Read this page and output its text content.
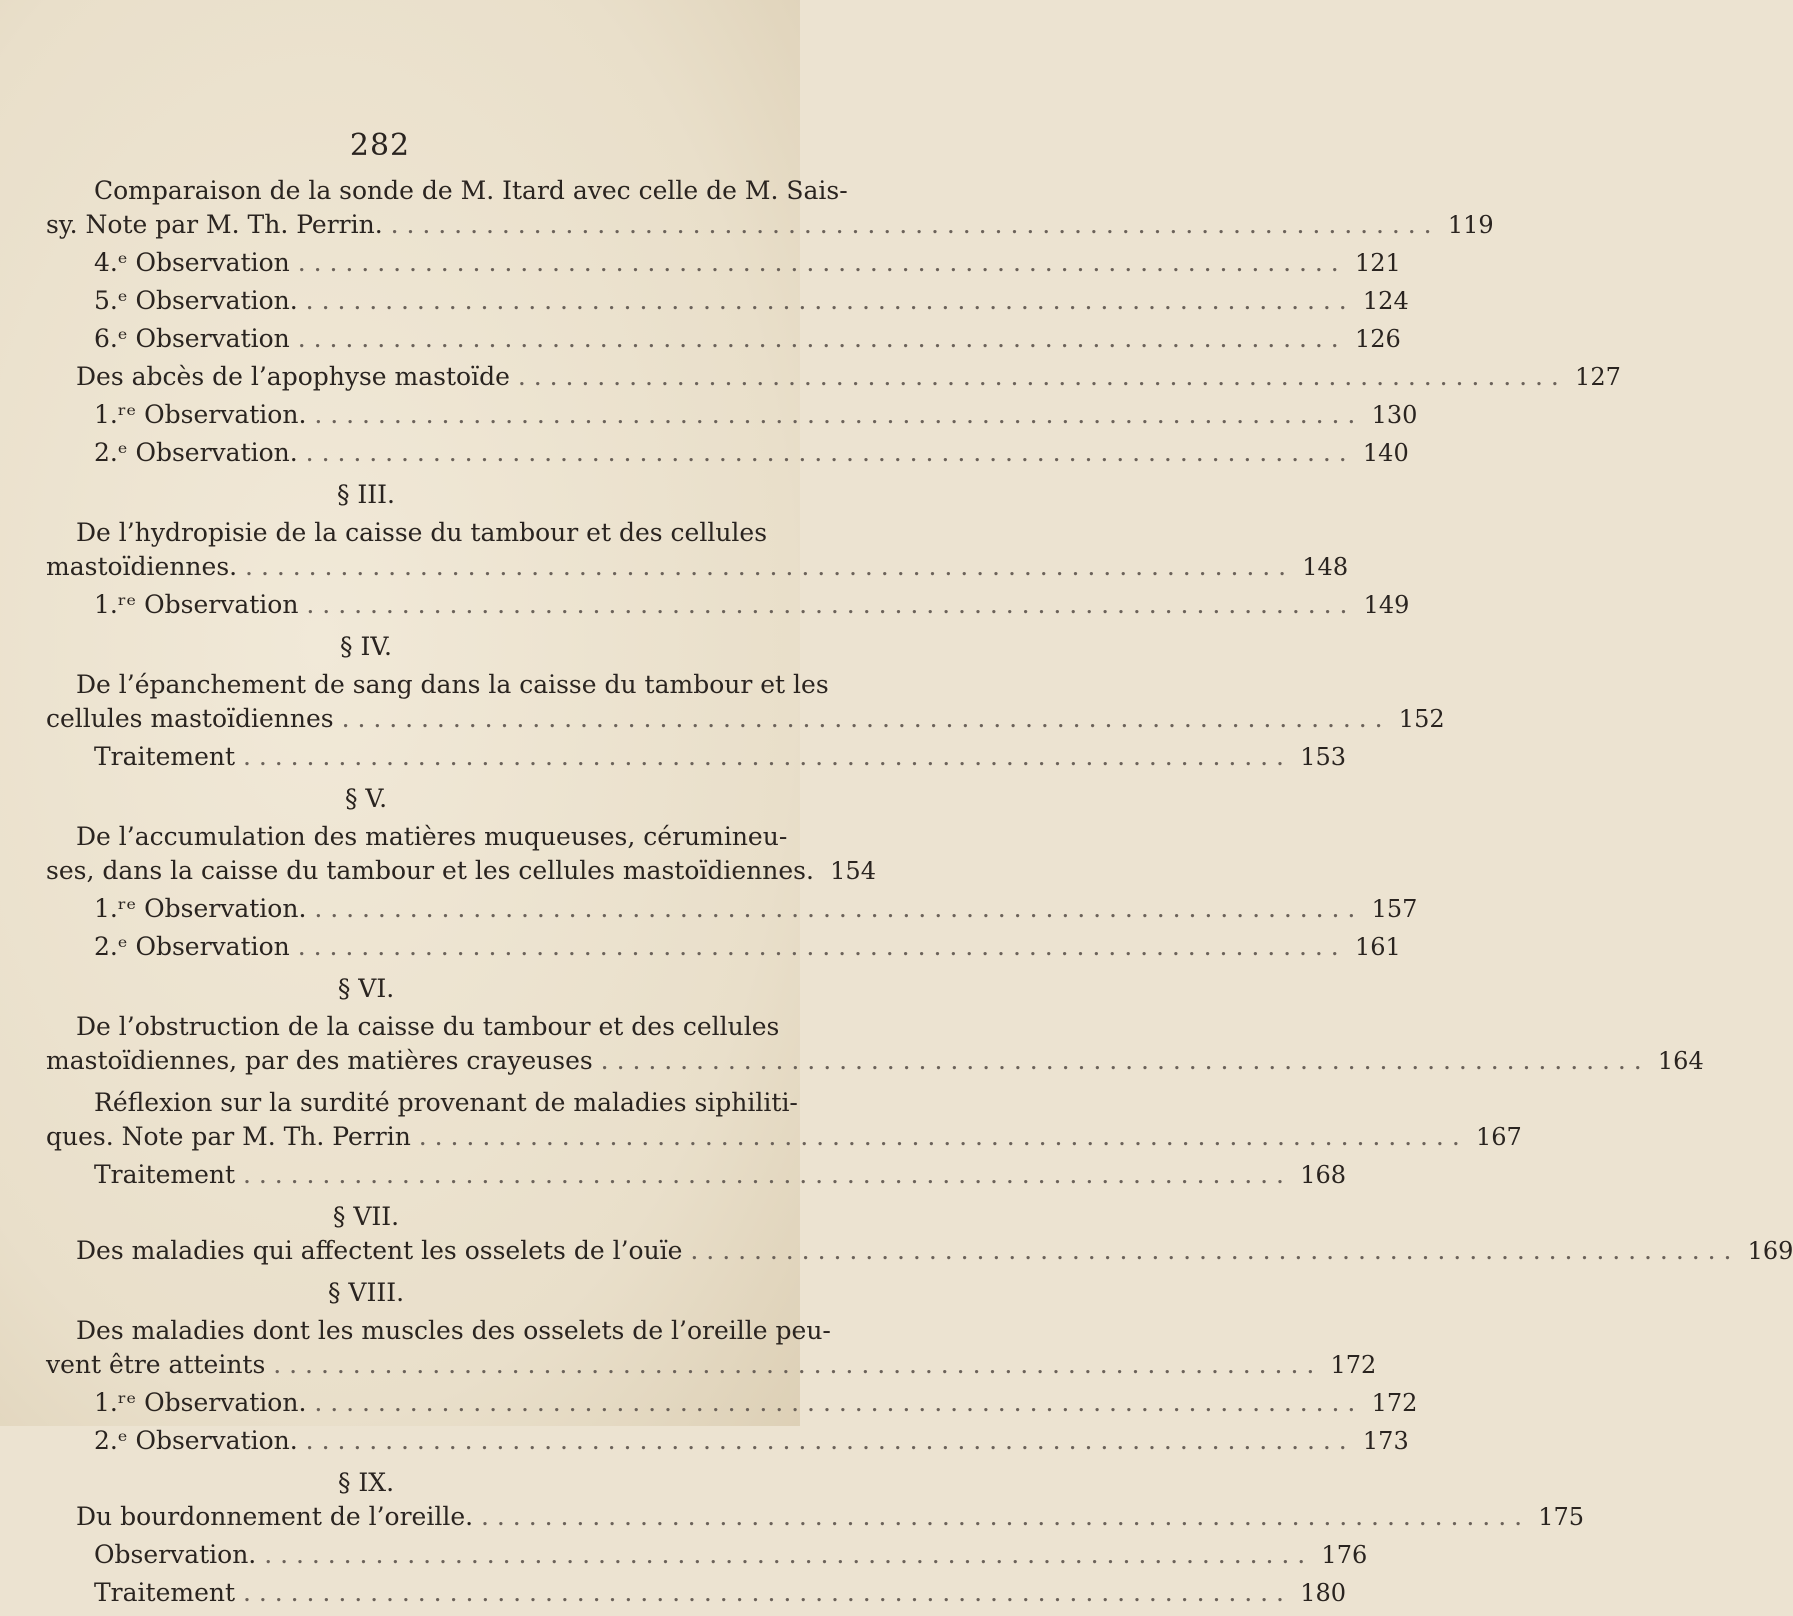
282
Comparaison de la sonde de M. Itard avec celle de M. Sais-
sy. Note par M. Th. Perrin. . . .	119
4.ᵉ Observation . . .	121
5.ᵉ Observation. . . .	124
6.ᵉ Observation . . .	126
Des abcès de l’apophyse mastoïde . . .	127
1.ʳᵉ Observation. . . .	130
2.ᵉ Observation. . . .	140
§ III.
De l’hydropisie de la caisse du tambour et des cellules
mastoïdiennes. . . .	148
1.ʳᵉ Observation . . .	149
§ IV.
De l’épanchement de sang dans la caisse du tambour et les
cellules mastoïdiennes . . .	152
Traitement . . .	153
§ V.
De l’accumulation des matières muqueuses, cérumineu-
ses, dans la caisse du tambour et les cellules mastoïdiennes. 154
1.ʳᵉ Observation. . . .	157
2.ᵉ Observation . . .	161
§ VI.
De l’obstruction de la caisse du tambour et des cellules
mastoïdiennes, par des matières crayeuses . . .	164
Réflexion sur la surdité provenant de maladies siphiliti-
ques. Note par M. Th. Perrin . . .	167
Traitement . . .	168
§ VII.
Des maladies qui affectent les osselets de l’ouïe . . .	169
§ VIII.
Des maladies dont les muscles des osselets de l’oreille peu-
vent être atteints . . .	172
1.ʳᵉ Observation. . . .	172
2.ᵉ Observation. . . .	173
§ IX.
Du bourdonnement de l’oreille. . . .	175
Observation. . . .	176
Traitement . . .	180
